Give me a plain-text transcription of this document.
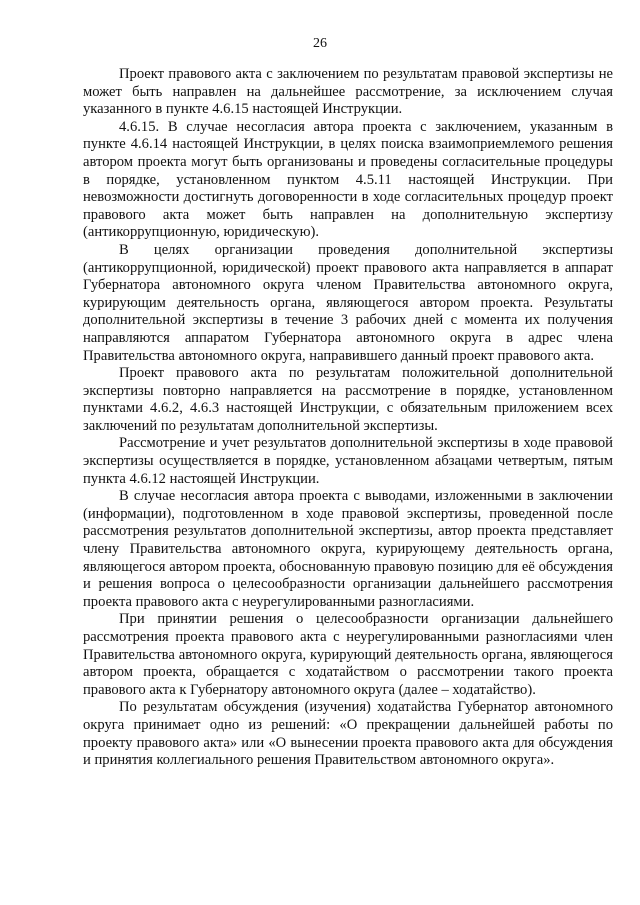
26

Проект правового акта с заключением по результатам правовой экспертизы не может быть направлен на дальнейшее рассмотрение, за исключением случая указанного в пункте 4.6.15 настоящей Инструкции.

4.6.15. В случае несогласия автора проекта с заключением, указанным в пункте 4.6.14 настоящей Инструкции, в целях поиска взаимоприемлемого решения автором проекта могут быть организованы и проведены согласительные процедуры в порядке, установленном пунктом 4.5.11 настоящей Инструкции. При невозможности достигнуть договоренности в ходе согласительных процедур проект правового акта может быть направлен на дополнительную экспертизу (антикоррупционную, юридическую).

В целях организации проведения дополнительной экспертизы (антикоррупционной, юридической) проект правового акта направляется в аппарат Губернатора автономного округа членом Правительства автономного округа, курирующим деятельность органа, являющегося автором проекта. Результаты дополнительной экспертизы в течение 3 рабочих дней с момента их получения направляются аппаратом Губернатора автономного округа в адрес члена Правительства автономного округа, направившего данный проект правового акта.

Проект правового акта по результатам положительной дополнительной экспертизы повторно направляется на рассмотрение в порядке, установленном пунктами 4.6.2, 4.6.3 настоящей Инструкции, с обязательным приложением всех заключений по результатам дополнительной экспертизы.

Рассмотрение и учет результатов дополнительной экспертизы в ходе правовой экспертизы осуществляется в порядке, установленном абзацами четвертым, пятым пункта 4.6.12 настоящей Инструкции.

В случае несогласия автора проекта с выводами, изложенными в заключении (информации), подготовленном в ходе правовой экспертизы, проведенной после рассмотрения результатов дополнительной экспертизы, автор проекта представляет члену Правительства автономного округа, курирующему деятельность органа, являющегося автором проекта, обоснованную правовую позицию для её обсуждения и решения вопроса о целесообразности организации дальнейшего рассмотрения проекта правового акта с неурегулированными разногласиями.

При принятии решения о целесообразности организации дальнейшего рассмотрения проекта правового акта с неурегулированными разногласиями член Правительства автономного округа, курирующий деятельность органа, являющегося автором проекта, обращается с ходатайством о рассмотрении такого проекта правового акта к Губернатору автономного округа (далее – ходатайство).

По результатам обсуждения (изучения) ходатайства Губернатор автономного округа принимает одно из решений: «О прекращении дальнейшей работы по проекту правового акта» или «О вынесении проекта правового акта для обсуждения и принятия коллегиального решения Правительством автономного округа».
